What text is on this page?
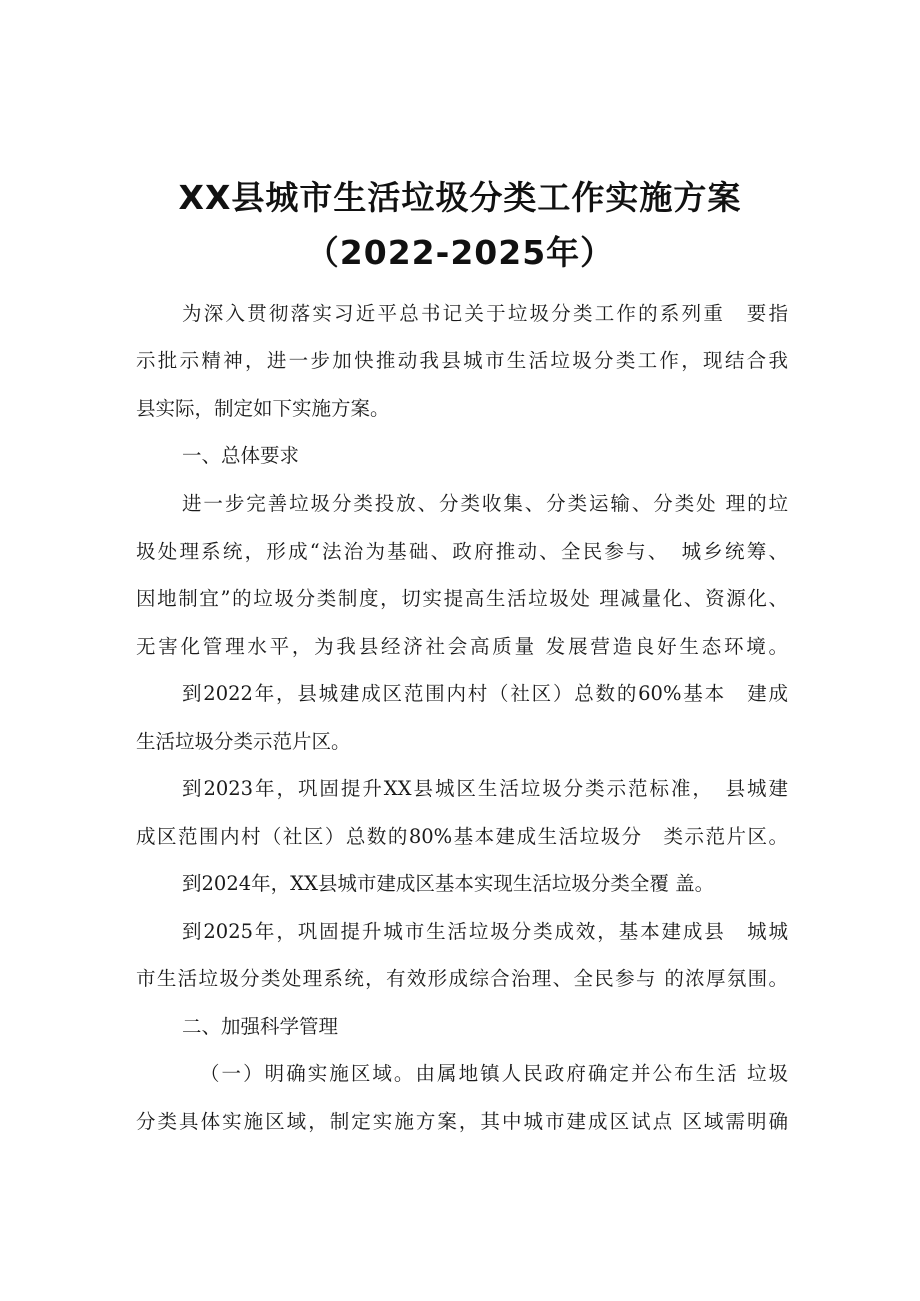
XX县城市生活垃圾分类工作实施方案
（2022-2025年）
为深入贯彻落实习近平总书记关于垃圾分类工作的系列重　要指
示批示精神，进一步加快推动我县城市生活垃圾分类工作，现结合我
县实际，制定如下实施方案。
一、总体要求
进一步完善垃圾分类投放、分类收集、分类运输、分类处 理的垃
圾处理系统，形成“法治为基础、政府推动、全民参与、　城乡统筹、
因地制宜”的垃圾分类制度，切实提高生活垃圾处 理减量化、资源化、
无害化管理水平，为我县经济社会高质量 发展营造良好生态环境。
到2022年，县城建成区范围内村（社区）总数的60%基本　建成
生活垃圾分类示范片区。
到2023年，巩固提升XX县城区生活垃圾分类示范标准，　县城建
成区范围内村（社区）总数的80%基本建成生活垃圾分　类示范片区。
到2024年，XX县城市建成区基本实现生活垃圾分类全覆 盖。
到2025年，巩固提升城市生活垃圾分类成效，基本建成县　城城
市生活垃圾分类处理系统，有效形成综合治理、全民参与 的浓厚氛围。
二、加强科学管理
（一）明确实施区域。由属地镇人民政府确定并公布生活 垃圾
分类具体实施区域，制定实施方案，其中城市建成区试点 区域需明确
